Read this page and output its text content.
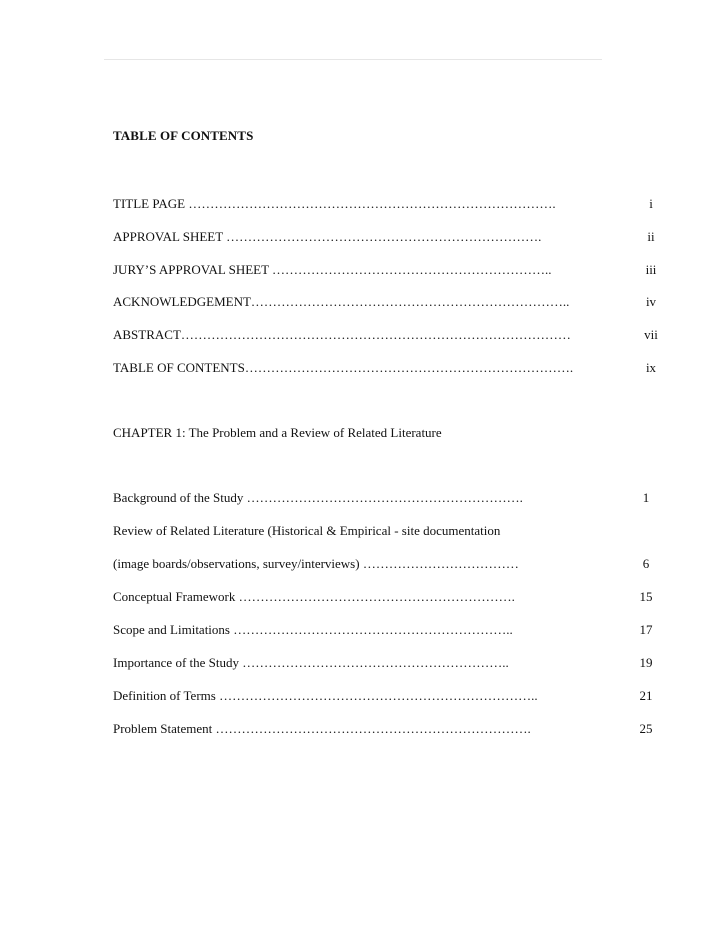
TABLE OF CONTENTS
TITLE PAGE ………………………………………………………………………….	i
APPROVAL SHEET ……………………………………………………………….	ii
JURY’S APPROVAL SHEET ………………………………………………………..	iii
ACKNOWLEDGEMENT………………………………………………………………..	iv
ABSTRACT………………………………………………………………………………	vii
TABLE OF CONTENTS………………………………………………………………….	ix
CHAPTER 1: The Problem and a Review of Related Literature
Background of the Study ……………………………………………………….	1
Review of Related Literature (Historical & Empirical - site documentation
(image boards/observations, survey/interviews) ………………………………	6
Conceptual Framework ……………………………………………………….	15
Scope and Limitations ………………………………………………………..	17
Importance of the Study ……………………………………………………..	19
Definition of Terms ………………………………………………………………..	21
Problem Statement ……………………………………………………………….	25
